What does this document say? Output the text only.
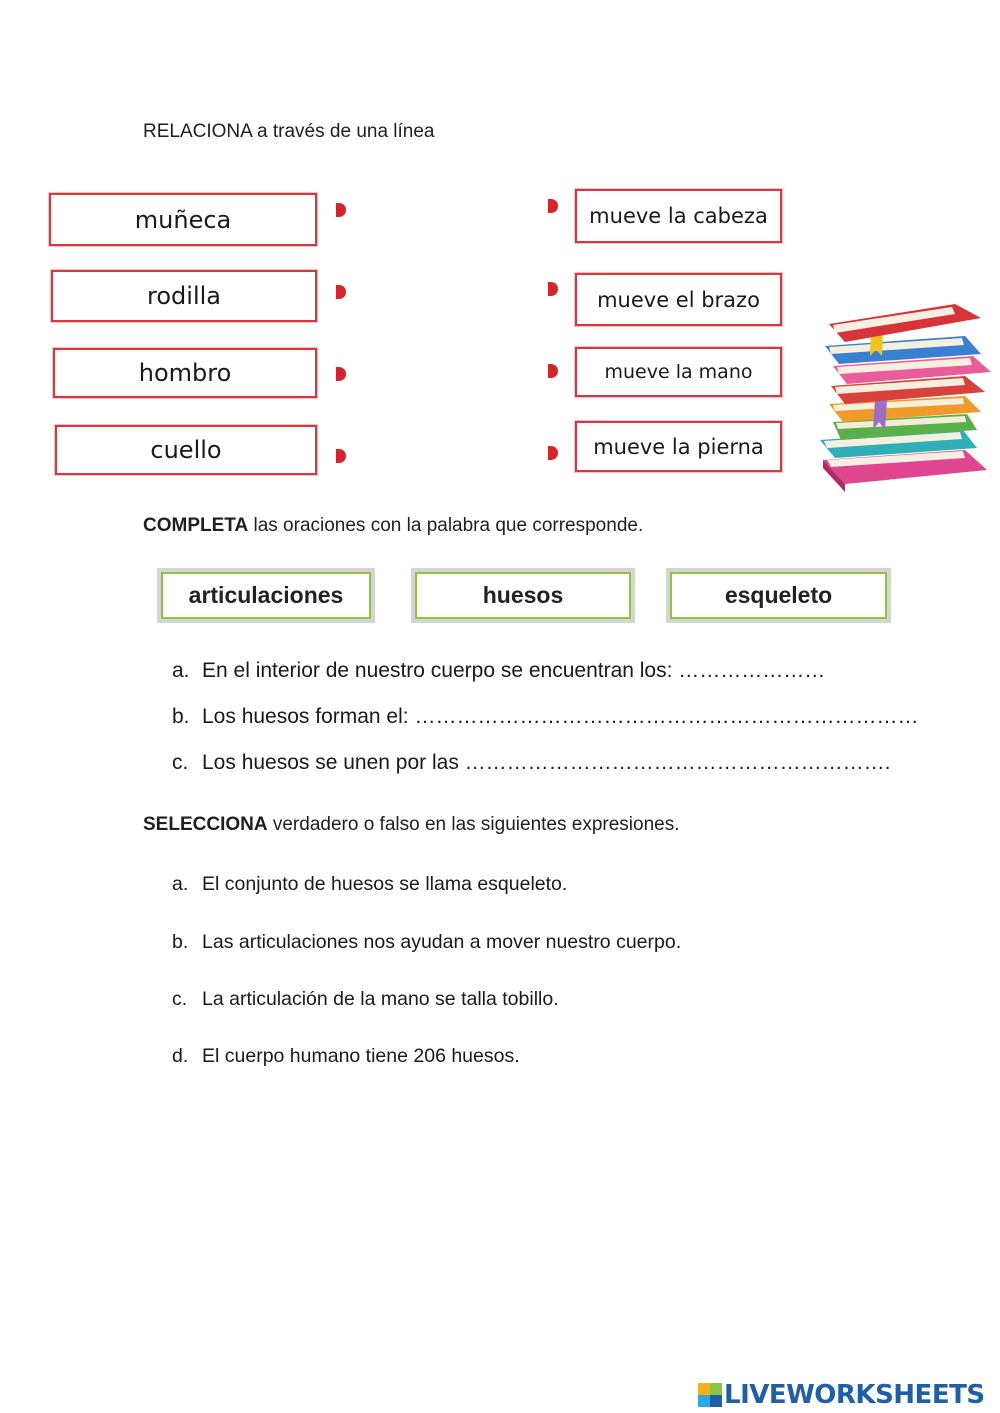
RELACIONA a través de una línea
muñeca
rodilla
hombro
cuello
mueve la cabeza
mueve el brazo
mueve la mano
mueve la pierna
COMPLETA las oraciones con la palabra que corresponde.
articulaciones	huesos	esqueleto
a. En el interior de nuestro cuerpo se encuentran los: …………………
b. Los huesos forman el: ………………………………………………………………
c. Los huesos se unen por las …………………………………………………….
SELECCIONA verdadero o falso en las siguientes expresiones.
a. El conjunto de huesos se llama esqueleto.
b. Las articulaciones nos ayudan a mover nuestro cuerpo.
c. La articulación de la mano se talla tobillo.
d. El cuerpo humano tiene 206 huesos.
LIVEWORKSHEETS
